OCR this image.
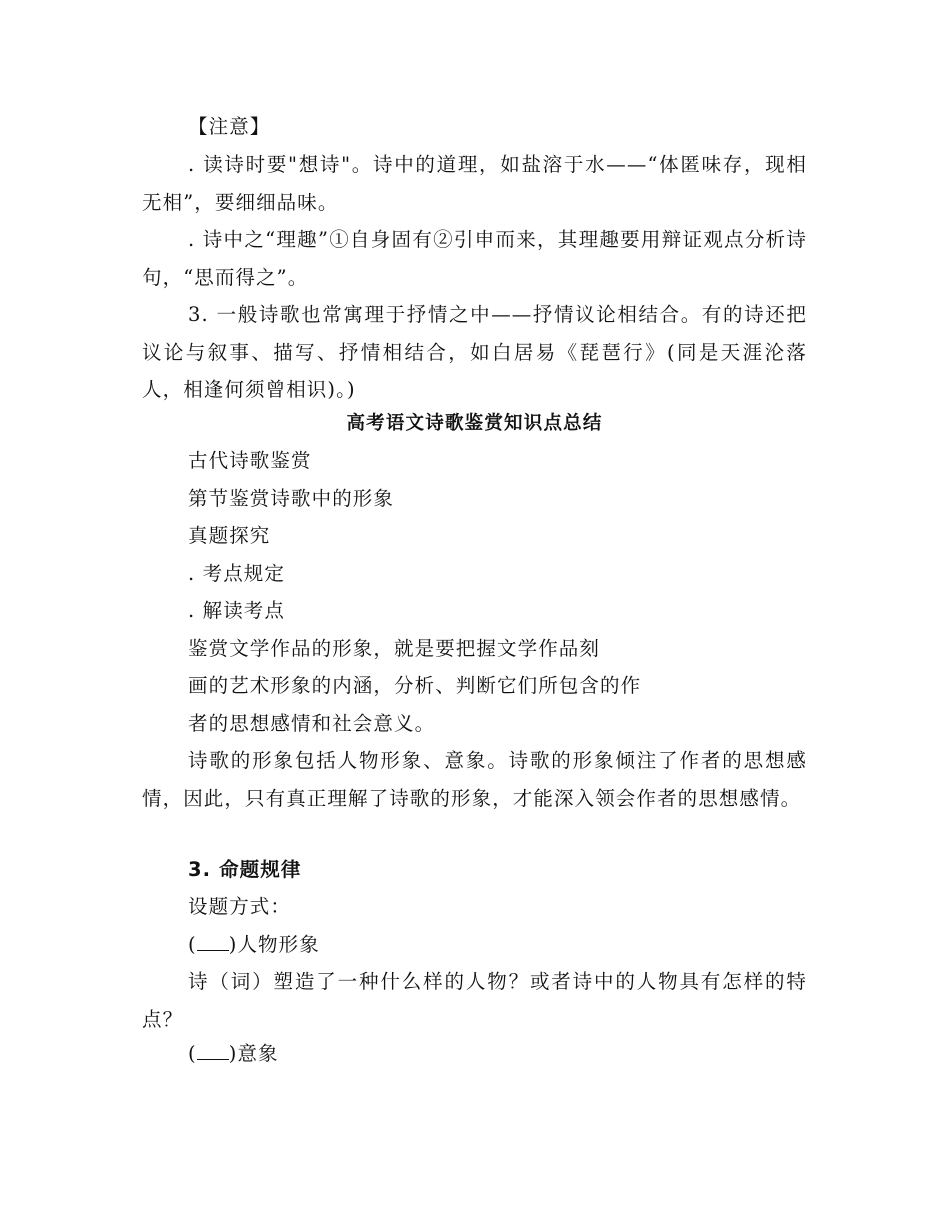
【注意】
. 读诗时要"想诗"。诗中的道理，如盐溶于水——“体匿味存，现相无相”，要细细品味。
. 诗中之“理趣”①自身固有②引申而来，其理趣要用辩证观点分析诗句，“思而得之”。
3. 一般诗歌也常寓理于抒情之中——抒情议论相结合。有的诗还把议论与叙事、描写、抒情相结合，如白居易《琵琶行》(同是天涯沦落人，相逢何须曾相识)。)
高考语文诗歌鉴赏知识点总结
古代诗歌鉴赏
第节鉴赏诗歌中的形象
真题探究
. 考点规定
. 解读考点
鉴赏文学作品的形象，就是要把握文学作品刻
画的艺术形象的内涵，分析、判断它们所包含的作
者的思想感情和社会意义。
诗歌的形象包括人物形象、意象。诗歌的形象倾注了作者的思想感情，因此，只有真正理解了诗歌的形象，才能深入领会作者的思想感情。
3. 命题规律
设题方式：
( )人物形象
诗（词）塑造了一种什么样的人物？或者诗中的人物具有怎样的特点？
( )意象
